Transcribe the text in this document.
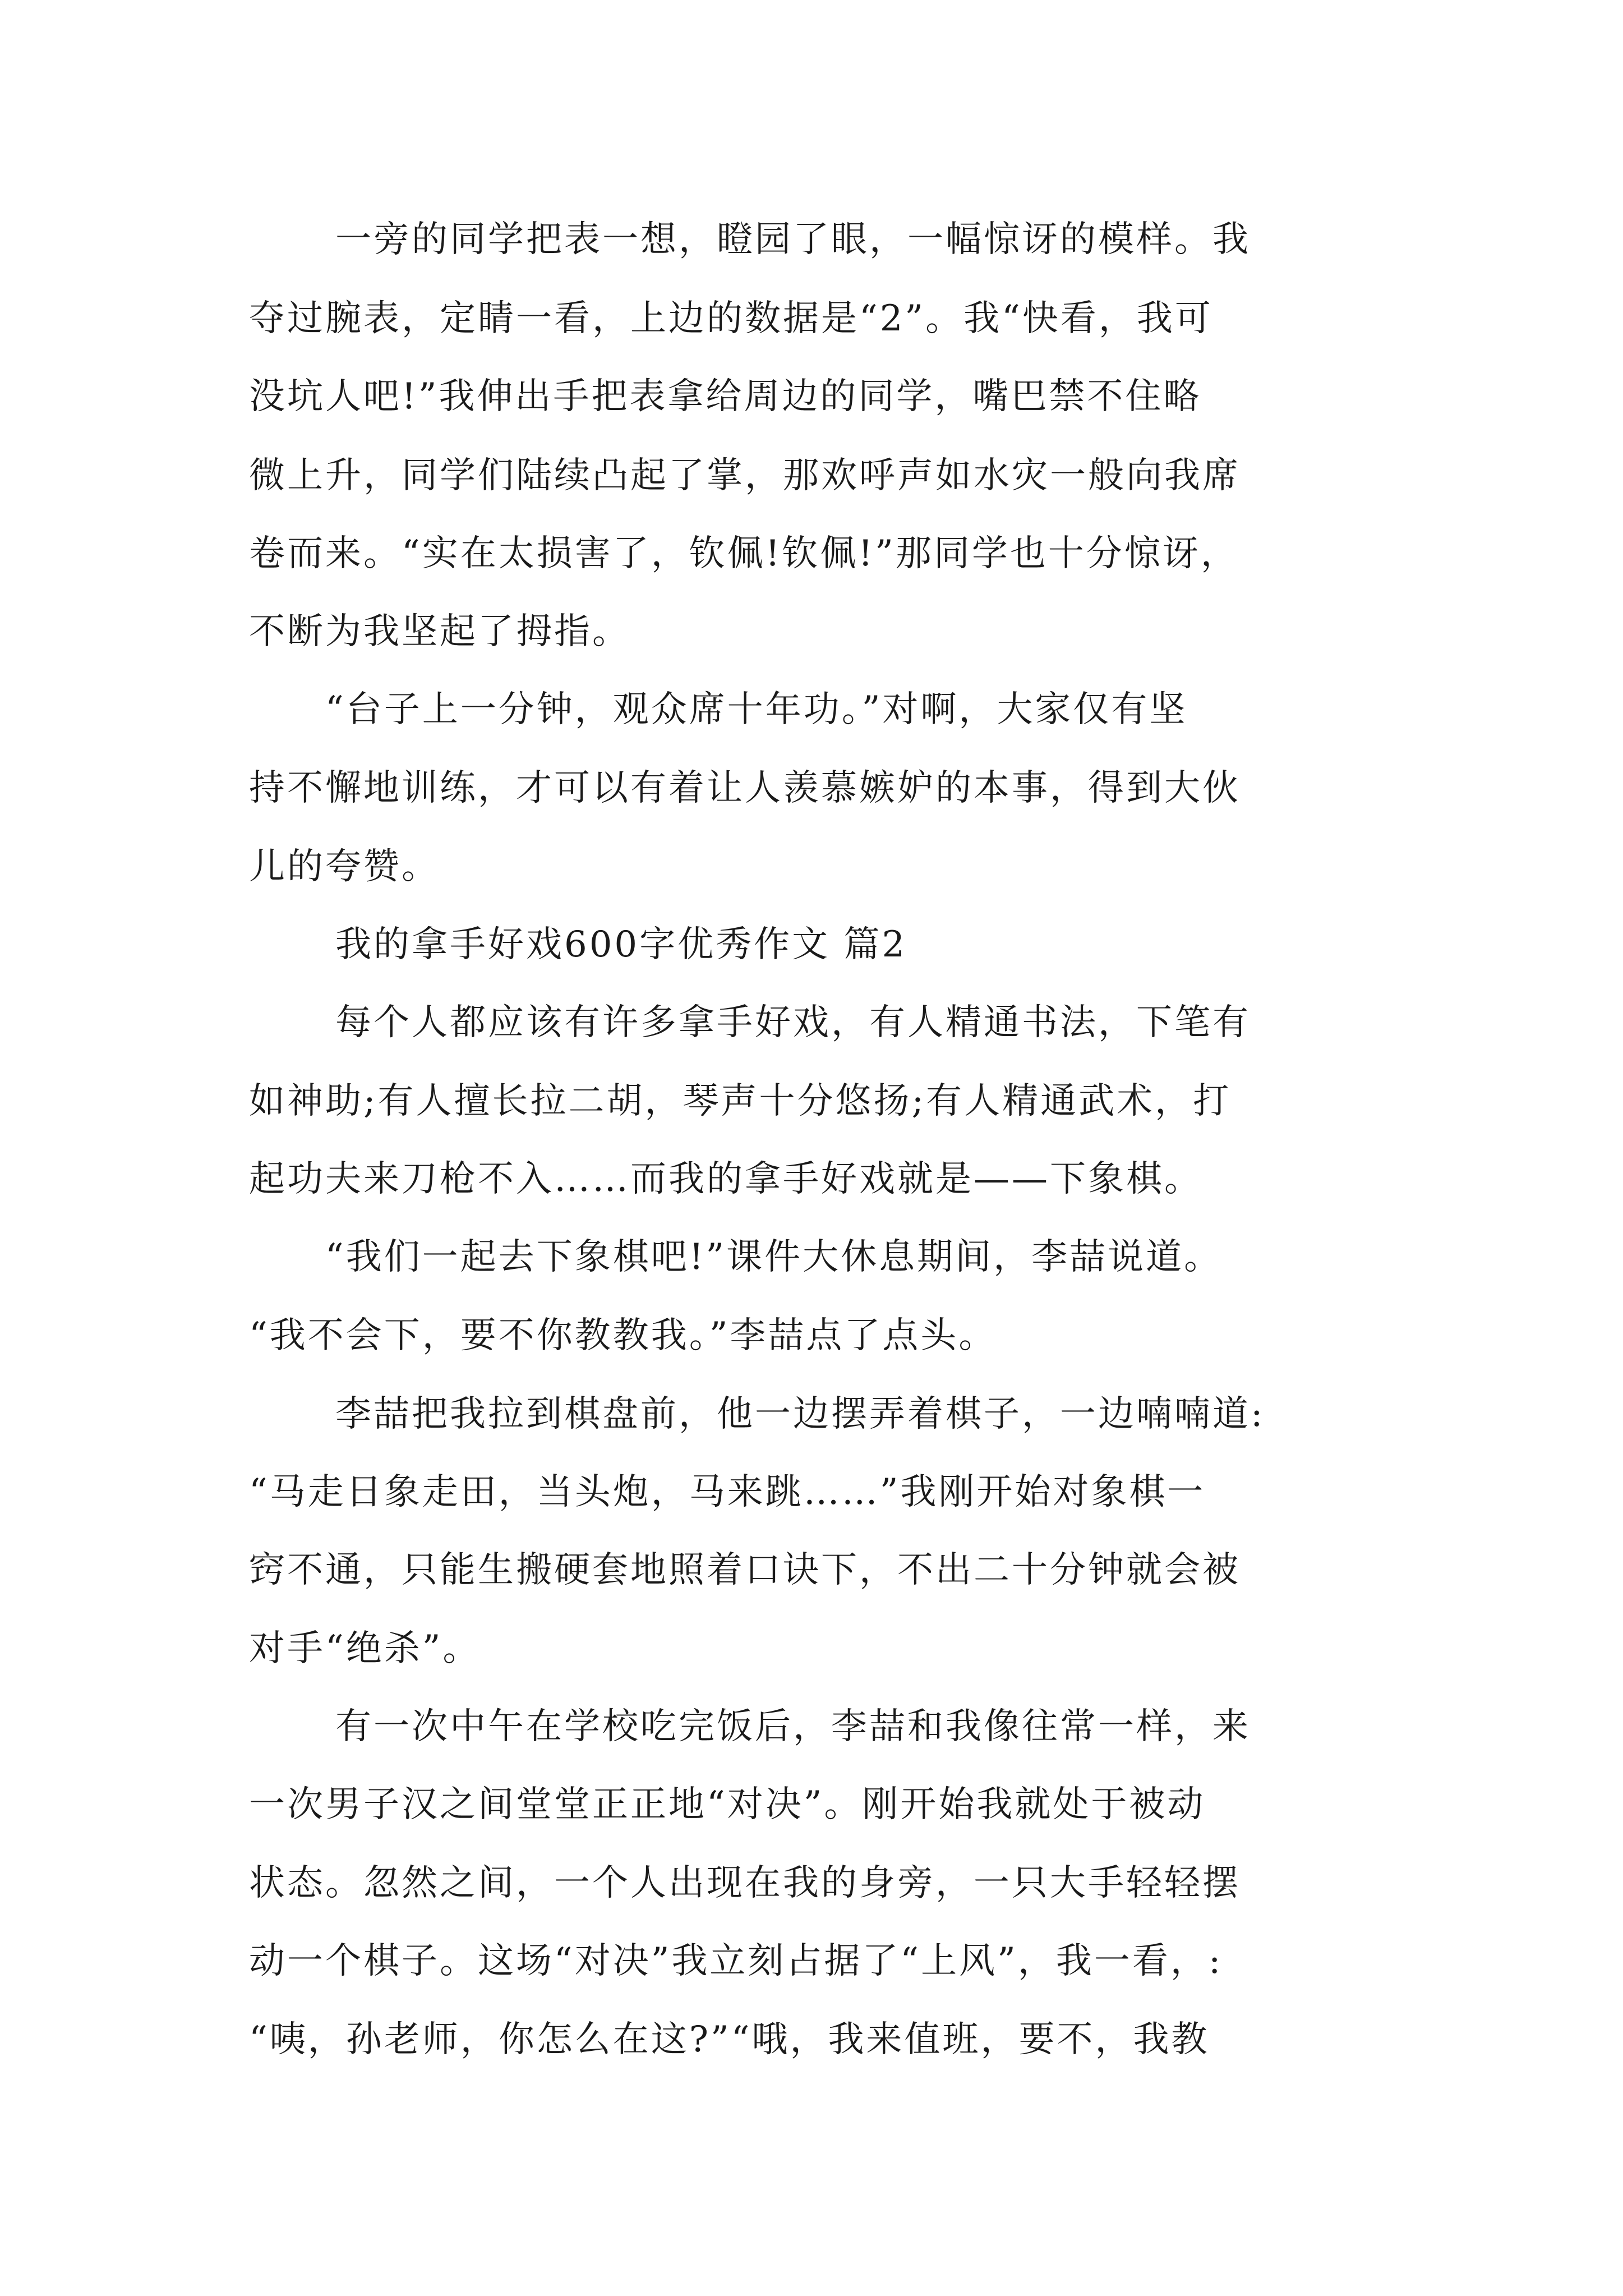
一旁的同学把表一想，瞪园了眼，一幅惊讶的模样。我

夺过腕表，定睛一看，上边的数据是“2”。我“快看，我可

没坑人吧!”我伸出手把表拿给周边的同学，嘴巴禁不住略

微上升，同学们陆续凸起了掌，那欢呼声如水灾一般向我席

卷而来。“实在太损害了，钦佩!钦佩!”那同学也十分惊讶，

不断为我坚起了拇指。

“台子上一分钟，观众席十年功。”对啊，大家仅有坚

持不懈地训练，才可以有着让人羡慕嫉妒的本事，得到大伙

儿的夸赞。

我的拿手好戏600字优秀作文 篇2

每个人都应该有许多拿手好戏，有人精通书法，下笔有

如神助;有人擅长拉二胡，琴声十分悠扬;有人精通武术，打

起功夫来刀枪不入……而我的拿手好戏就是——下象棋。

“我们一起去下象棋吧!”课件大休息期间，李喆说道。

“我不会下，要不你教教我。”李喆点了点头。

李喆把我拉到棋盘前，他一边摆弄着棋子，一边喃喃道:

“马走日象走田，当头炮，马来跳……”我刚开始对象棋一

窍不通，只能生搬硬套地照着口诀下，不出二十分钟就会被

对手“绝杀”。

有一次中午在学校吃完饭后，李喆和我像往常一样，来

一次男子汉之间堂堂正正地“对决”。刚开始我就处于被动

状态。忽然之间，一个人出现在我的身旁，一只大手轻轻摆

动一个棋子。这场“对决”我立刻占据了“上风”，我一看，:

“咦，孙老师，你怎么在这?”“哦，我来值班，要不，我教
